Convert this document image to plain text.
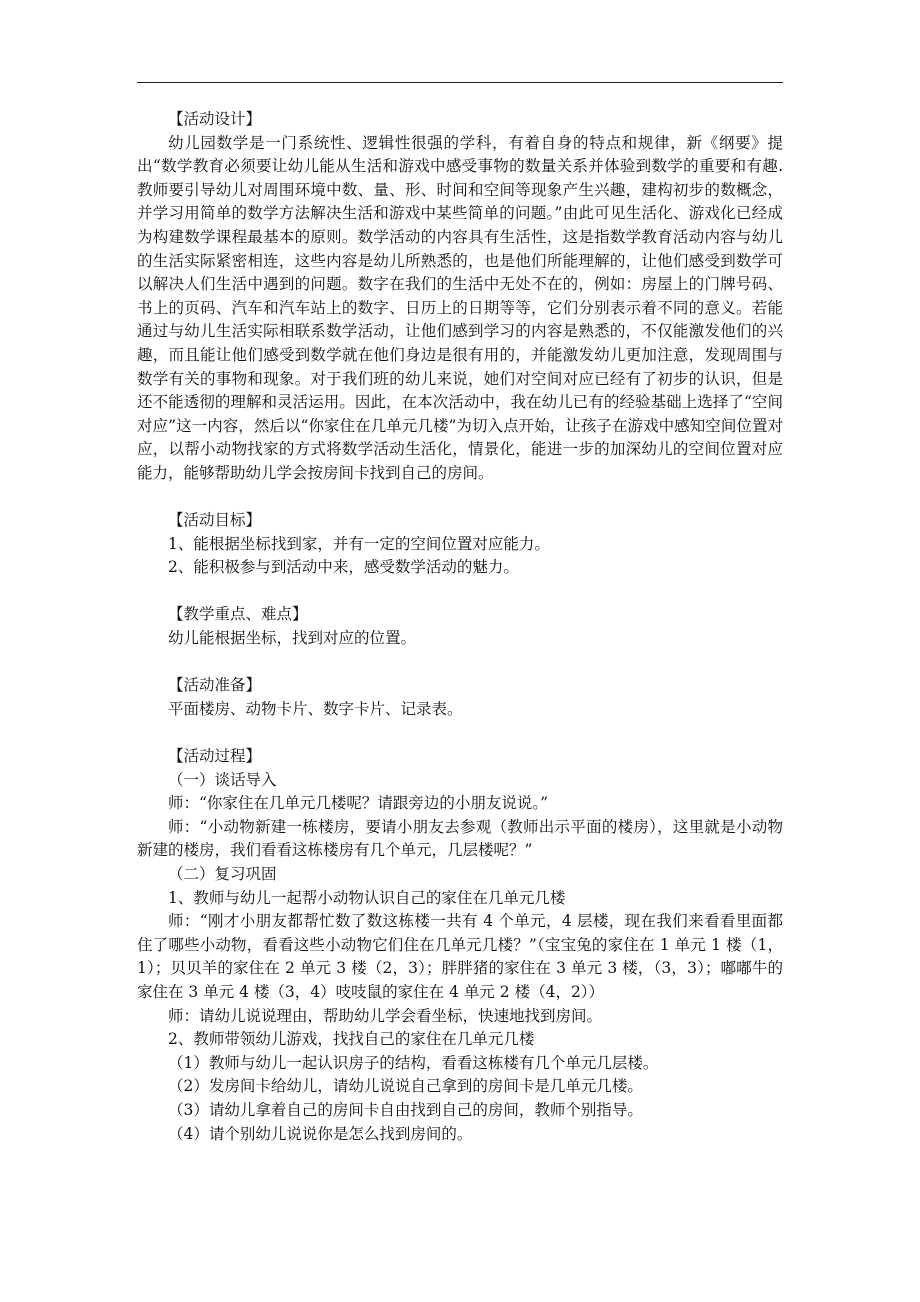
【活动设计】

幼儿园数学是一门系统性、逻辑性很强的学科，有着自身的特点和规律，新《纲要》提出“数学教育必须要让幼儿能从生活和游戏中感受事物的数量关系并体验到数学的重要和有趣.教师要引导幼儿对周围环境中数、量、形、时间和空间等现象产生兴趣，建构初步的数概念，并学习用简单的数学方法解决生活和游戏中某些简单的问题。”由此可见生活化、游戏化已经成为构建数学课程最基本的原则。数学活动的内容具有生活性，这是指数学教育活动内容与幼儿的生活实际紧密相连，这些内容是幼儿所熟悉的，也是他们所能理解的，让他们感受到数学可以解决人们生活中遇到的问题。数字在我们的生活中无处不在的，例如：房屋上的门牌号码、书上的页码、汽车和汽车站上的数字、日历上的日期等等，它们分别表示着不同的意义。若能通过与幼儿生活实际相联系数学活动，让他们感到学习的内容是熟悉的，不仅能激发他们的兴趣，而且能让他们感受到数学就在他们身边是很有用的，并能激发幼儿更加注意，发现周围与数学有关的事物和现象。对于我们班的幼儿来说，她们对空间对应已经有了初步的认识，但是还不能透彻的理解和灵活运用。因此，在本次活动中，我在幼儿已有的经验基础上选择了“空间对应”这一内容，然后以“你家住在几单元几楼”为切入点开始，让孩子在游戏中感知空间位置对应，以帮小动物找家的方式将数学活动生活化，情景化，能进一步的加深幼儿的空间位置对应能力，能够帮助幼儿学会按房间卡找到自己的房间。

【活动目标】

1、能根据坐标找到家，并有一定的空间位置对应能力。

2、能积极参与到活动中来，感受数学活动的魅力。

【教学重点、难点】

幼儿能根据坐标，找到对应的位置。

【活动准备】

平面楼房、动物卡片、数字卡片、记录表。

【活动过程】

（一）谈话导入

师：“你家住在几单元几楼呢？请跟旁边的小朋友说说。”

师：“小动物新建一栋楼房，要请小朋友去参观（教师出示平面的楼房），这里就是小动物新建的楼房，我们看看这栋楼房有几个单元，几层楼呢？”

（二）复习巩固

1、教师与幼儿一起帮小动物认识自己的家住在几单元几楼

师：“刚才小朋友都帮忙数了数这栋楼一共有 4 个单元，4 层楼，现在我们来看看里面都住了哪些小动物，看看这些小动物它们住在几单元几楼？”（宝宝兔的家住在 1 单元 1 楼（1，1）；贝贝羊的家住在 2 单元 3 楼（2，3）；胖胖猪的家住在 3 单元 3 楼，（3，3）；嘟嘟牛的家住在 3 单元 4 楼（3，4）吱吱鼠的家住在 4 单元 2 楼（4，2））

师：请幼儿说说理由，帮助幼儿学会看坐标，快速地找到房间。

2、教师带领幼儿游戏，找找自己的家住在几单元几楼

（1）教师与幼儿一起认识房子的结构，看看这栋楼有几个单元几层楼。

（2）发房间卡给幼儿，请幼儿说说自己拿到的房间卡是几单元几楼。

（3）请幼儿拿着自己的房间卡自由找到自己的房间，教师个别指导。

（4）请个别幼儿说说你是怎么找到房间的。
